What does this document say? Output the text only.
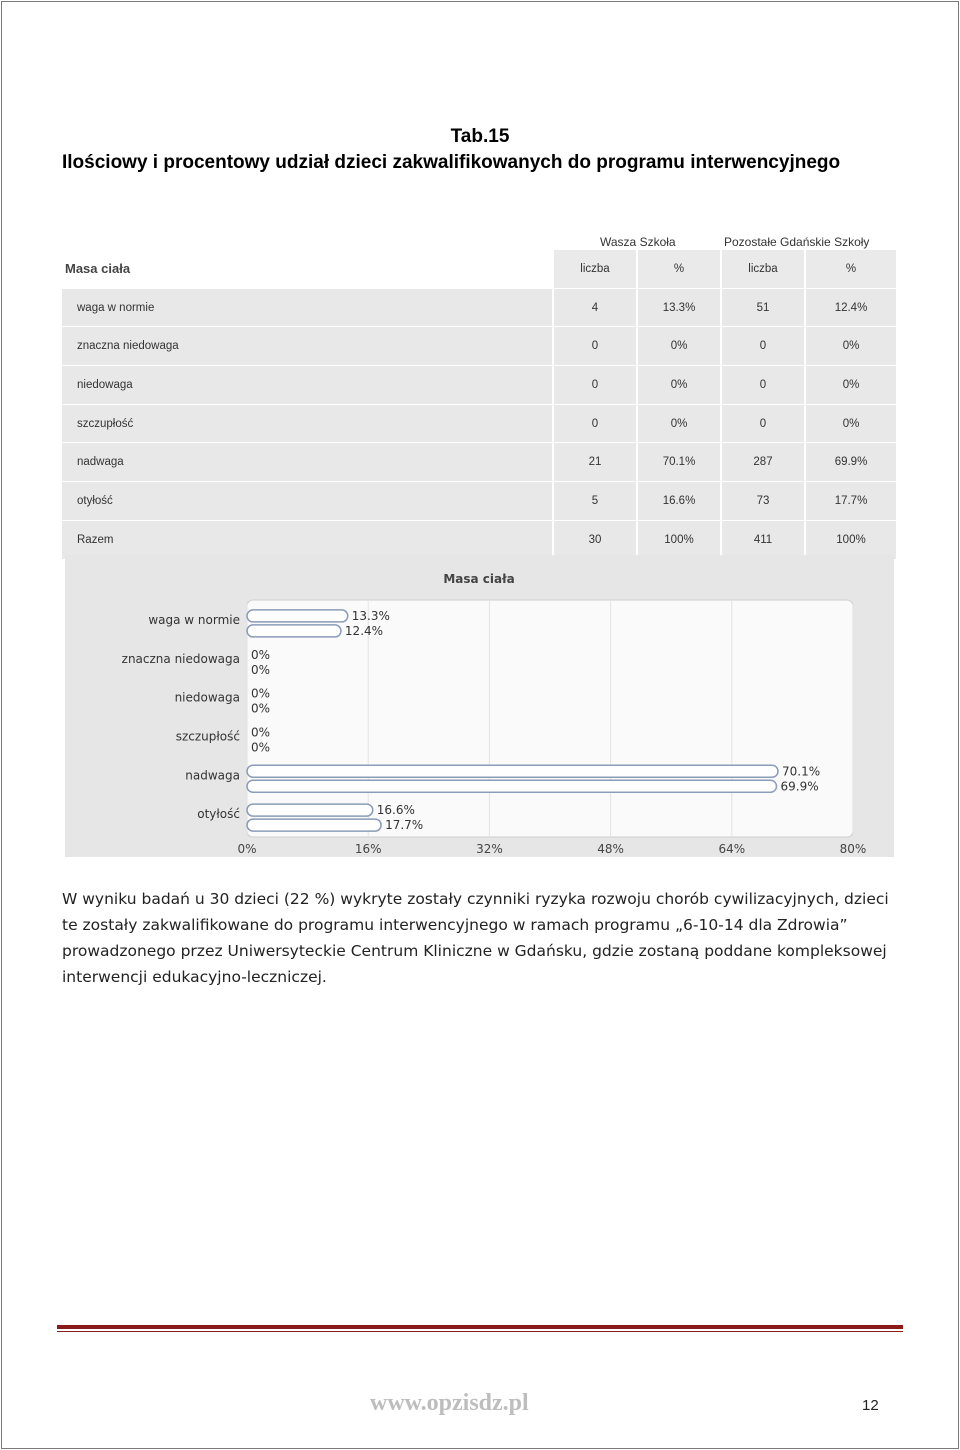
Tab.15
Ilościowy i procentowy udział dzieci zakwalifikowanych do programu interwencyjnego
Wasza Szkoła	Pozostałe Gdańskie Szkoły
Masa ciała	liczba	%	liczba	%
waga w normie	4	13.3%	51	12.4%
znaczna niedowaga	0	0%	0	0%
niedowaga	0	0%	0	0%
szczupłość	0	0%	0	0%
nadwaga	21	70.1%	287	69.9%
otyłość	5	16.6%	73	17.7%
Razem	30	100%	411	100%
0%	16%	32%	48%	64%	80%
Masa ciała
waga w normie	13.3%
12.4%
znaczna niedowaga 0%
0%
niedowaga 0%
0%
szczupłość 0%
0%
nadwaga	70.1%
69.9%
otyłość	16.6%
17.7%
W wyniku badań u 30 dzieci (22 %) wykryte zostały czynniki ryzyka rozwoju chorób cywilizacyjnych, dzieci te zostały zakwalifikowane do programu interwencyjnego w ramach programu „6-10-14 dla Zdrowia” prowadzonego przez Uniwersyteckie Centrum Kliniczne w Gdańsku, gdzie zostaną poddane kompleksowej interwencji edukacyjno-leczniczej.
www.opzisdz.pl	12
